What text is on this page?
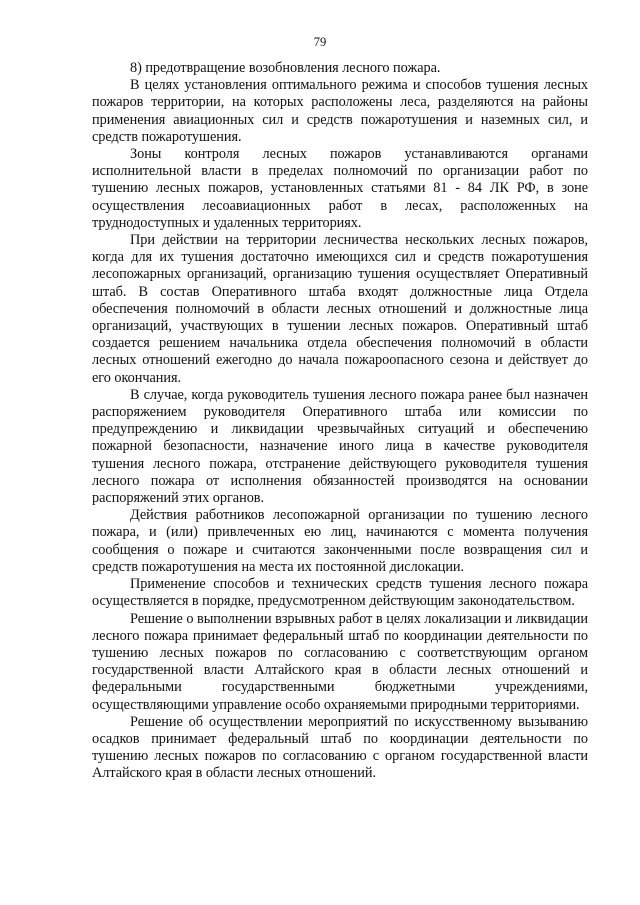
79

8) предотвращение возобновления лесного пожара.

В целях установления оптимального режима и способов тушения лесных пожаров территории, на которых расположены леса, разделяются на районы применения авиационных сил и средств пожаротушения и наземных сил, и средств пожаротушения.

Зоны контроля лесных пожаров устанавливаются органами исполнительной власти в пределах полномочий по организации работ по тушению лесных пожаров, установленных статьями 81 - 84 ЛК РФ, в зоне осуществления лесоавиационных работ в лесах, расположенных на труднодоступных и удаленных территориях.

При действии на территории лесничества нескольких лесных пожаров, когда для их тушения достаточно имеющихся сил и средств пожаротушения лесопожарных организаций, организацию тушения осуществляет Оперативный штаб. В состав Оперативного штаба входят должностные лица Отдела обеспечения полномочий в области лесных отношений и должностные лица организаций, участвующих в тушении лесных пожаров. Оперативный штаб создается решением начальника отдела обеспечения полномочий в области лесных отношений ежегодно до начала пожароопасного сезона и действует до его окончания.

В случае, когда руководитель тушения лесного пожара ранее был назначен распоряжением руководителя Оперативного штаба или комиссии по предупреждению и ликвидации чрезвычайных ситуаций и обеспечению пожарной безопасности, назначение иного лица в качестве руководителя тушения лесного пожара, отстранение действующего руководителя тушения лесного пожара от исполнения обязанностей производятся на основании распоряжений этих органов.

Действия работников лесопожарной организации по тушению лесного пожара, и (или) привлеченных ею лиц, начинаются с момента получения сообщения о пожаре и считаются законченными после возвращения сил и средств пожаротушения на места их постоянной дислокации.

Применение способов и технических средств тушения лесного пожара осуществляется в порядке, предусмотренном действующим законодательством.

Решение о выполнении взрывных работ в целях локализации и ликвидации лесного пожара принимает федеральный штаб по координации деятельности по тушению лесных пожаров по согласованию с соответствующим органом государственной власти Алтайского края в области лесных отношений и федеральными государственными бюджетными учреждениями, осуществляющими управление особо охраняемыми природными территориями.

Решение об осуществлении мероприятий по искусственному вызыванию осадков принимает федеральный штаб по координации деятельности по тушению лесных пожаров по согласованию с органом государственной власти Алтайского края в области лесных отношений.
